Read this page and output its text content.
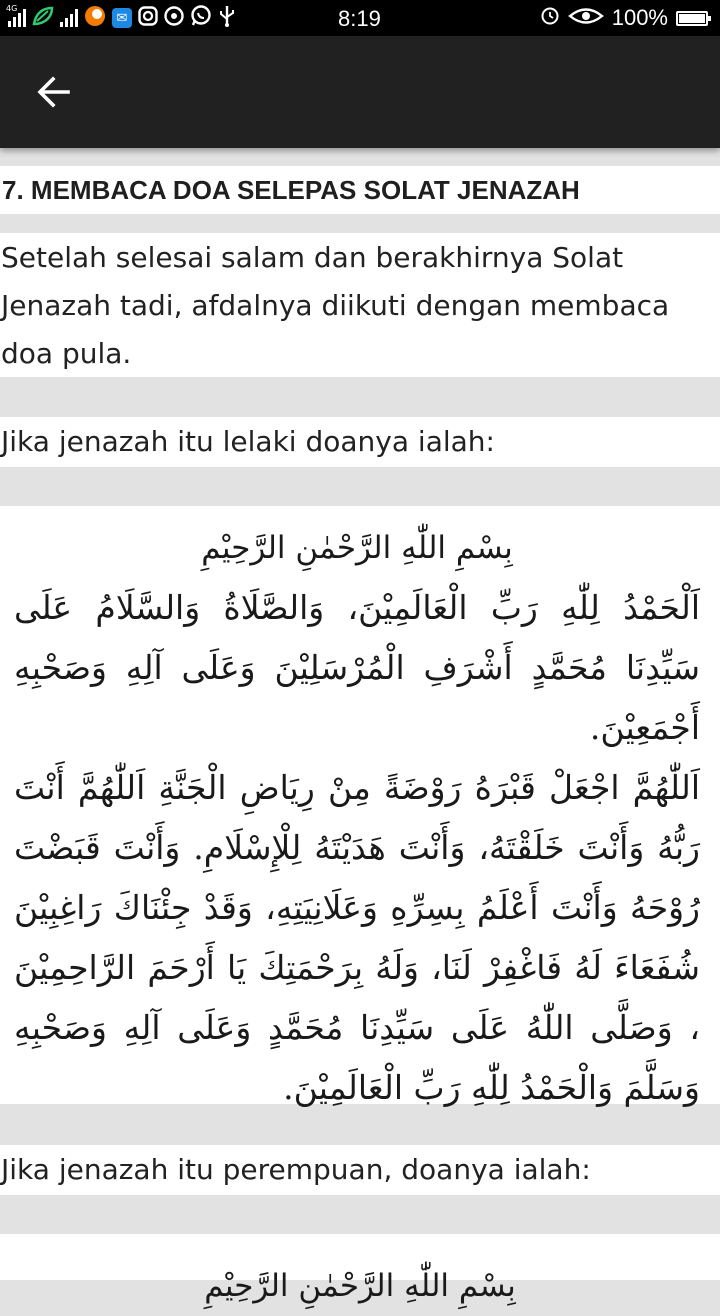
4G
✉	8:19	100%
7. MEMBACA DOA SELEPAS SOLAT JENAZAH
Setelah selesai salam dan berakhirnya Solat Jenazah tadi, afdalnya diikuti dengan membaca doa pula.
Jika jenazah itu lelaki doanya ialah:
بِسْمِ اللّٰهِ الرَّحْمٰنِ الرَّحِيْمِ

اَلْحَمْدُ لِلّٰهِ رَبِّ الْعَالَمِيْنَ، وَالصَّلَاةُ وَالسَّلَامُ عَلَى سَيِّدِنَا مُحَمَّدٍ أَشْرَفِ الْمُرْسَلِيْنَ وَعَلَى آلِهِ وَصَحْبِهِ أَجْمَعِيْنَ.

اَللّٰهُمَّ اجْعَلْ قَبْرَهُ رَوْضَةً مِنْ رِيَاضِ الْجَنَّةِ اَللّٰهُمَّ أَنْتَ رَبُّهُ وَأَنْتَ خَلَقْتَهُ، وَأَنْتَ هَدَيْتَهُ لِلْإِسْلَامِ. وَأَنْتَ قَبَضْتَ رُوْحَهُ وَأَنْتَ أَعْلَمُ بِسِرِّهِ وَعَلَانِيَتِهِ، وَقَدْ جِئْنَاكَ رَاغِبِيْنَ شُفَعَاءَ لَهُ فَاغْفِرْ لَنَا، وَلَهُ بِرَحْمَتِكَ يَا أَرْحَمَ الرَّاحِمِيْنَ ، وَصَلَّى اللّٰهُ عَلَى سَيِّدِنَا مُحَمَّدٍ وَعَلَى آلِهِ وَصَحْبِهِ وَسَلَّمَ وَالْحَمْدُ لِلّٰهِ رَبِّ الْعَالَمِيْنَ.

Jika jenazah itu perempuan, doanya ialah:
بِسْمِ اللّٰهِ الرَّحْمٰنِ الرَّحِيْمِ
